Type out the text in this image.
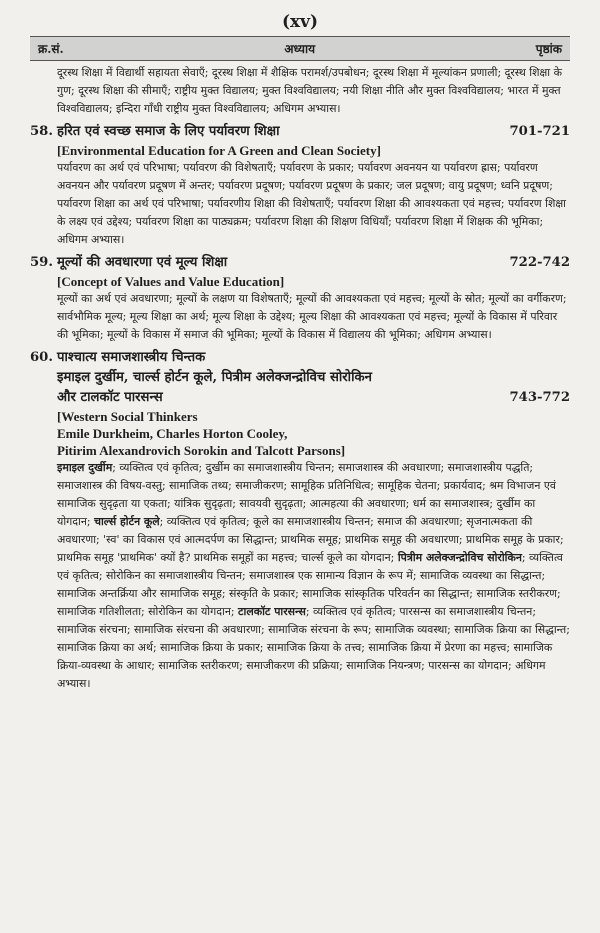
(xv)
क्र.सं.	अध्याय	पृष्ठांक
दूरस्थ शिक्षा में विद्यार्थी सहायता सेवाएँ; दूरस्थ शिक्षा में शैक्षिक परामर्श/उपबोधन; दूरस्थ शिक्षा में मूल्यांकन प्रणाली; दूरस्थ शिक्षा के गुण; दूरस्थ शिक्षा की सीमाएँ; राष्ट्रीय मुक्त विद्यालय; मुक्त विश्वविद्यालय; नयी शिक्षा नीति और मुक्त विश्वविद्यालय; भारत में मुक्त विश्वविद्यालय; इन्दिरा गाँधी राष्ट्रीय मुक्त विश्वविद्यालय; अधिगम अभ्यास।
58. हरित एवं स्वच्छ समाज के लिए पर्यावरण शिक्षा	701-721
[Environmental Education for A Green and Clean Society]
पर्यावरण का अर्थ एवं परिभाषा; पर्यावरण की विशेषताएँ; पर्यावरण के प्रकार; पर्यावरण अवनयन या पर्यावरण ह्रास; पर्यावरण अवनयन और पर्यावरण प्रदूषण में अन्तर; पर्यावरण प्रदूषण; पर्यावरण प्रदूषण के प्रकार; जल प्रदूषण; वायु प्रदूषण; ध्वनि प्रदूषण; पर्यावरण शिक्षा का अर्थ एवं परिभाषा; पर्यावरणीय शिक्षा की विशेषताएँ; पर्यावरण शिक्षा की आवश्यकता एवं महत्त्व; पर्यावरण शिक्षा के लक्ष्य एवं उद्देश्य; पर्यावरण शिक्षा का पाठ्यक्रम; पर्यावरण शिक्षा की शिक्षण विधियाँ; पर्यावरण शिक्षा में शिक्षक की भूमिका; अधिगम अभ्यास।
59. मूल्यों की अवधारणा एवं मूल्य शिक्षा	722-742
[Concept of Values and Value Education]
मूल्यों का अर्थ एवं अवधारणा; मूल्यों के लक्षण या विशेषताएँ; मूल्यों की आवश्यकता एवं महत्त्व; मूल्यों के स्रोत; मूल्यों का वर्गीकरण; सार्वभौमिक मूल्य; मूल्य शिक्षा का अर्थ; मूल्य शिक्षा के उद्देश्य; मूल्य शिक्षा की आवश्यकता एवं महत्त्व; मूल्यों के विकास में परिवार की भूमिका; मूल्यों के विकास में समाज की भूमिका; मूल्यों के विकास में विद्यालय की भूमिका; अधिगम अभ्यास।
60. पाश्चात्य समाजशास्त्रीय चिन्तक
इमाइल दुर्खीम, चार्ल्स होर्टन कूले, पित्रीम अलेक्जन्द्रोविच सोरोकिन
और टालकॉट पारसन्स	743-772
[Western Social Thinkers
Emile Durkheim, Charles Horton Cooley,
Pitirim Alexandrovich Sorokin and Talcott Parsons]
इमाइल दुर्खीम; व्यक्तित्व एवं कृतित्व; दुर्खीम का समाजशास्त्रीय चिन्तन; समाजशास्त्र की अवधारणा; समाजशास्त्रीय पद्धति; समाजशास्त्र की विषय-वस्तु; सामाजिक तथ्य; समाजीकरण; सामूहिक प्रतिनिधित्व; सामूहिक चेतना; प्रकार्यवाद; श्रम विभाजन एवं सामाजिक सुदृढ़ता या एकता; यांत्रिक सुदृढ़ता; सावयवी सुदृढ़ता; आत्महत्या की अवधारणा; धर्म का समाजशास्त्र; दुर्खीम का योगदान; चार्ल्स होर्टन कूले; व्यक्तित्व एवं कृतित्व; कूले का समाजशास्त्रीय चिन्तन; समाज की अवधारणा; सृजनात्मकता की अवधारणा; 'स्व' का विकास एवं आत्मदर्पण का सिद्धान्त; प्राथमिक समूह; प्राथमिक समूह की अवधारणा; प्राथमिक समूह के प्रकार; प्राथमिक समूह 'प्राथमिक' क्यों है? प्राथमिक समूहों का महत्त्व; चार्ल्स कूले का योगदान; पित्रीम अलेक्जन्द्रोविच सोरोकिन; व्यक्तित्व एवं कृतित्व; सोरोकिन का समाजशास्त्रीय चिन्तन; समाजशास्त्र एक सामान्य विज्ञान के रूप में; सामाजिक व्यवस्था का सिद्धान्त; सामाजिक अन्तर्क्रिया और सामाजिक समूह; संस्कृति के प्रकार; सामाजिक सांस्कृतिक परिवर्तन का सिद्धान्त; सामाजिक स्तरीकरण; सामाजिक गतिशीलता; सोरोकिन का योगदान; टालकॉट पारसन्स; व्यक्तित्व एवं कृतित्व; पारसन्स का समाजशास्त्रीय चिन्तन; सामाजिक संरचना; सामाजिक संरचना की अवधारणा; सामाजिक संरचना के रूप; सामाजिक व्यवस्था; सामाजिक क्रिया का सिद्धान्त; सामाजिक क्रिया का अर्थ; सामाजिक क्रिया के प्रकार; सामाजिक क्रिया के तत्त्व; सामाजिक क्रिया में प्रेरणा का महत्त्व; सामाजिक क्रिया-व्यवस्था के आधार; सामाजिक स्तरीकरण; समाजीकरण की प्रक्रिया; सामाजिक नियन्त्रण; पारसन्स का योगदान; अधिगम अभ्यास।
